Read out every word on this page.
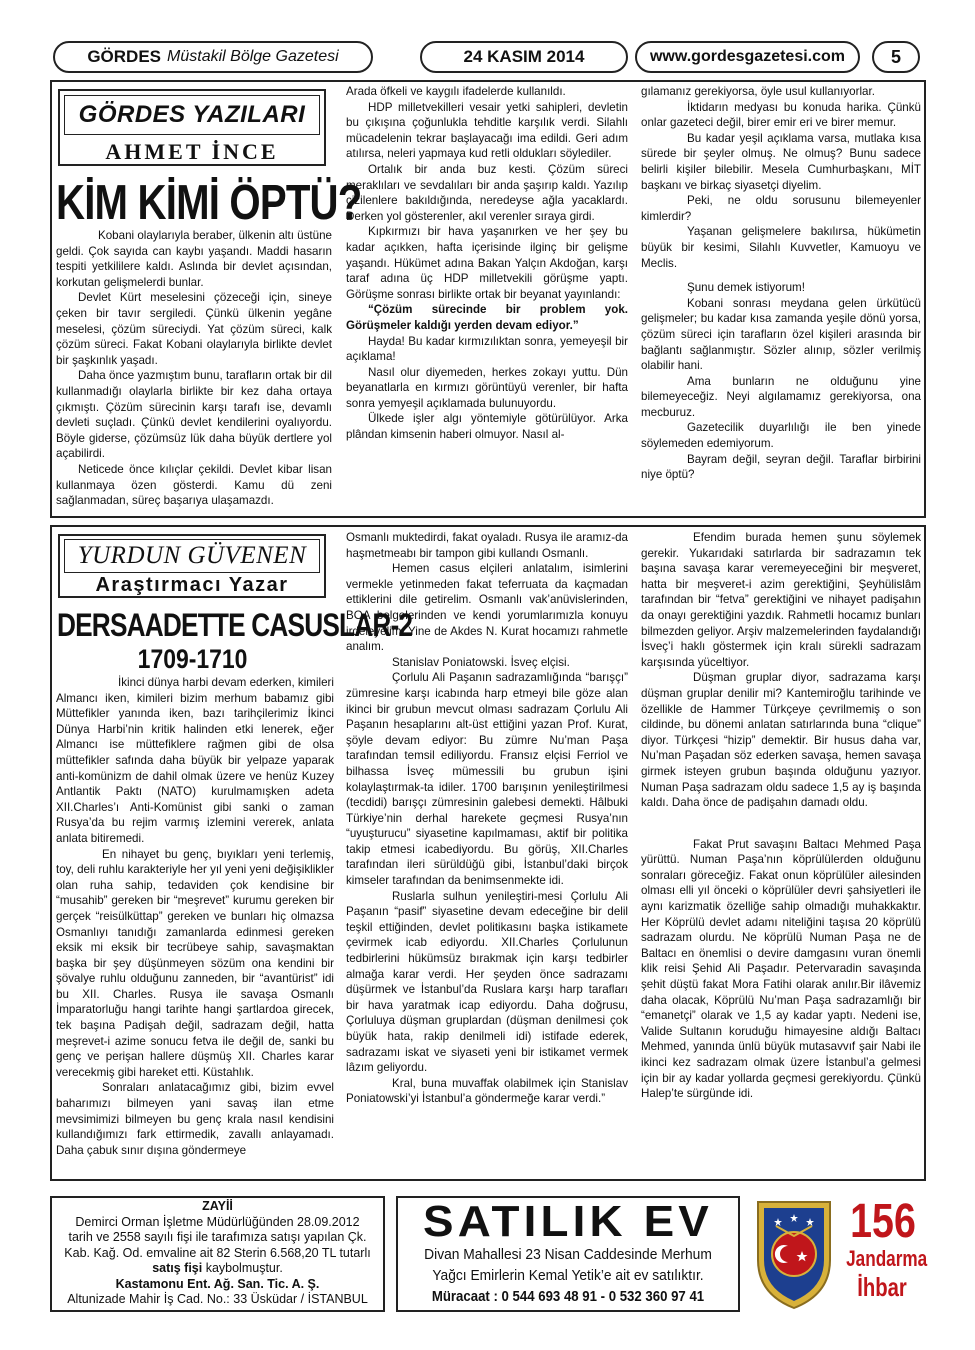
GÖRDES Müstakil Bölge Gazetesi	24 KASIM 2014	www.gordesgazetesi.com	5
GÖRDES YAZILARI
AHMET İNCE
KİM KİMİ ÖPTÜ?

Kobani olaylarıyla beraber, ülkenin altı üstüne geldi. Çok sayıda can kaybı yaşandı. Maddi hasarın tespiti yetkililere kaldı. Aslında bir devlet açısından, korkutan gelişmelerdi bunlar.

Devlet Kürt meselesini çözeceği için, sineye çeken bir tavır sergiledi. Çünkü ülkenin yegâne meselesi, çözüm süreciydi. Yat çözüm süreci, kalk çözüm süreci. Fakat Kobani olaylarıyla birlikte devlet bir şaşkınlık yaşadı.

Daha önce yazmıştım bunu, tarafların ortak bir dil kullanmadığı olaylarla birlikte bir kez daha ortaya çıkmıştı. Çözüm sürecinin karşı tarafı ise, devamlı devleti suçladı. Çünkü devlet kendilerini oyalıyordu. Böyle giderse, çözümsüz lük daha büyük dertlere yol açabilirdi.

Neticede önce kılıçlar çekildi. Devlet kibar lisan kullanmaya özen gösterdi. Kamu dü zeni sağlanmadan, süreç başarıya ulaşamazdı.

Arada öfkeli ve kaygılı ifadelerde kullanıldı.

HDP milletvekilleri vesair yetki sahipleri, devletin bu çıkışına çoğunlukla tehditle karşılık verdi. Silahlı mücadelenin tekrar başlayacağı ima edildi. Geri adım atılırsa, neleri yapmaya kud retli oldukları söylediler.

Ortalık bir anda buz kesti. Çözüm süreci meraklıları ve sevdalıları bir anda şaşırıp kaldı. Yazılıp çizilenlere bakıldığında, neredeyse ağla yacaklardı. Derken yol gösterenler, akıl verenler sıraya girdi.

Kıpkırmızı bir hava yaşanırken ve her şey bu kadar açıkken, hafta içerisinde ilginç bir gelişme yaşandı. Hükümet adına Bakan Yalçın Akdoğan, karşı taraf adına üç HDP milletvekili görüşme yaptı. Görüşme sonrası birlikte ortak bir beyanat yayınlandı:

“Çözüm sürecinde bir problem yok. Görüşmeler kaldığı yerden devam ediyor.”

Hayda! Bu kadar kırmızılıktan sonra, yemeyeşil bir açıklama!

Nasıl olur diyemeden, herkes zokayı yuttu. Dün beyanatlarla en kırmızı görüntüyü verenler, bir hafta sonra yemyeşil açıklamada bulunuyordu.

Ülkede işler algı yöntemiyle götürülüyor. Arka plândan kimsenin haberi olmuyor. Nasıl al-

gılamanız gerekiyorsa, öyle usul kullanıyorlar.

İktidarın medyası bu konuda harika. Çünkü onlar gazeteci değil, birer emir eri ve birer memur.

Bu kadar yeşil açıklama varsa, mutlaka kısa sürede bir şeyler olmuş. Ne olmuş? Bunu sadece belirli kişiler bilebilir. Mesela Cumhurbaşkanı, MİT başkanı ve birkaç siyasetçi diyelim.

Peki, ne oldu sorusunu bilemeyenler kimlerdir?

Yaşanan gelişmelere bakılırsa, hükümetin büyük bir kesimi, Silahlı Kuvvetler, Kamuoyu ve Meclis.

Şunu demek istiyorum!

Kobani sonrası meydana gelen ürkütücü gelişmeler; bu kadar kısa zamanda yeşile dönü yorsa, çözüm süreci için tarafların özel kişileri arasında bir bağlantı sağlanmıştır. Sözler alınıp, sözler verilmiş olabilir hani.

Ama bunların ne olduğunu yine bilemeyeceğiz. Neyi algılamamız gerekiyorsa, ona mecburuz.

Gazetecilik duyarlılığı ile ben yinede söylemeden edemiyorum.

Bayram değil, seyran değil. Taraflar birbirini niye öptü?

YURDUN GÜVENEN
Araştırmacı Yazar
DERSAADETTE CASUSLAR-2
1709-1710

İkinci dünya harbi devam ederken, kimileri Almancı iken, kimileri bizim merhum babamız gibi Müttefikler yanında iken, bazı tarihçilerimiz İkinci Dünya Harbi’nin kritik halinden etki lenerek, eğer Almancı ise müttefiklere rağmen gibi de olsa müttefikler safında daha büyük bir yelpaze yaparak anti-komünizm de dahil olmak üzere ve henüz Kuzey Antlantik Paktı (NATO) kurulmamışken adeta XII.Charles’ı Anti-Komünist gibi sanki o zaman Rusya’da bu rejim varmış izlemini vererek, anlata anlata bitiremedi.

En nihayet bu genç, bıyıkları yeni terlemiş, toy, deli ruhlu karakteriyle her yıl yeni yeni değişiklikler olan ruha sahip, tedaviden çok kendisine bir “musahib” gereken bir “meşrevet” kurumu gereken bir gerçek “reisülküttap” gereken ve bunları hiç olmazsa Osmanlıyı tanıdığı zamanlarda edinmesi gereken eksik mi eksik bir tecrübeye sahip, savaşmaktan başka bir şey düşünmeyen sözüm ona kendini bir şövalye ruhlu olduğunu zanneden, bir “avantürist” idi bu XII. Charles. Rusya ile savaşa Osmanlı İmparatorluğu hangi tarihte hangi şartlardoa girecek, tek başına Padişah değil, sadrazam değil, hatta meşrevet-i azime sonucu fetva ile değil de, sanki bu genç ve perişan hallere düşmüş XII. Charles karar verecekmiş gibi hareket etti. Küstahlık.

Sonraları anlatacağımız gibi, bizim evvel baharımızı bilmeyen yani savaş ilan etme mevsimimizi bilmeyen bu genç krala nasıl kendisini kullandığımızı fark ettirmedik, zavallı anlayamadı. Daha çabuk sınır dışına göndermeye

Osmanlı muktedirdi, fakat oyaladı. Rusya ile aramız-da haşmetmeabı bir tampon gibi kullandı Osmanlı.

Hemen casus elçileri anlatalım, isimlerini vermekle yetinmeden fakat teferruata da kaçmadan ettiklerini dile getirelim. Osmanlı vak’anüvislerinden, BOA belgelerinden ve kendi yorumlarımızla konuyu irdeleyelim. Yine de Akdes N. Kurat hocamızı rahmetle analım.

Stanislav Poniatowski. İsveç elçisi.

Çorlulu Ali Paşanın sadrazamlığında “barışçı” zümresine karşı icabında harp etmeyi bile göze alan ikinci bir grubun mevcut olması sadrazam Çorlulu Ali Paşanın hesaplarını alt-üst ettiğini yazan Prof. Kurat, şöyle devam ediyor: Bu zümre Nu’man Paşa tarafından temsil ediliyordu. Fransız elçisi Ferriol ve bilhassa İsveç mümessili bu grubun işini kolaylaştırmak-ta idiler. 1700 barışının yenileştirilmesi (tecdidi) barışçı zümresinin galebesi demekti. Hâlbuki Türkiye’nin derhal harekete geçmesi Rusya’nın “uyuşturucu” siyasetine kapılmaması, aktif bir politika takip etmesi icabediyordu. Bu görüş, XII.Charles tarafından ileri sürüldüğü gibi, İstanbul’daki birçok kimseler tarafından da benimsenmekte idi.

Ruslarla sulhun yenileştiri-mesi Çorlulu Ali Paşanın “pasif” siyasetine devam edeceğine bir delil teşkil ettiğinden, devlet politikasını başka istikamete çevirmek icab ediyordu. XII.Charles Çorlulunun tedbirlerini hükümsüz bırakmak için karşı tedbirler almağa karar verdi. Her şeyden önce sadrazamı düşürmek ve İstanbul’da Ruslara karşı harp tarafları bir hava yaratmak icap ediyordu. Daha doğrusu, Çorluluya düşman gruplardan (düşman denilmesi çok büyük hata, rakip denilmeli idi) istifade ederek, sadrazamı iskat ve siyaseti yeni bir istikamet vermek lâzım geliyordu.

Kral, buna muvaffak olabilmek için Stanislav Poniatowski’yi İstanbul’a göndermeğe karar verdi.”

Efendim burada hemen şunu söylemek gerekir. Yukarıdaki satırlarda bir sadrazamın tek başına savaşa karar veremeyeceğini bir meşveret, hatta bir meşveret-i azim gerektiğini, Şeyhülislâm tarafından bir “fetva” gerektiğini ve nihayet padişahın da onayı gerektiğini yazdık. Rahmetli hocamız bunları bilmezden geliyor. Arşiv malzemelerinden faydalandığı İsveç’i haklı göstermek için kralı sürekli sadrazam karşısında yüceltiyor.

Düşman gruplar diyor, sadrazama karşı düşman gruplar denilir mi? Kantemiroğlu tarihinde ve özellikle de Hammer Türkçeye çevrilmemiş o son cildinde, bu dönemi anlatan satırlarında buna “clique” diyor. Türkçesi “hizip” demektir. Bir husus daha var, Nu’man Paşadan söz ederken savaşa, hemen savaşa girmek isteyen grubun başında olduğunu yazıyor. Numan Paşa sadrazam oldu sadece 1,5 ay iş başında kaldı. Daha önce de padişahın damadı oldu.

Fakat Prut savaşını Baltacı Mehmed Paşa yürüttü. Numan Paşa’nın köprülülerden olduğunu sonraları göreceğiz. Fakat onun köprülüler ailesinden olması elli yıl önceki o köprülüler devri şahsiyetleri ile aynı karizmatik özelliğe sahip olmadığı muhakkaktır. Her Köprülü devlet adamı niteliğini taşısa 20 köprülü sadrazam olurdu. Ne köprülü Numan Paşa ne de Baltacı en önemlisi o devire damgasını vuran önemli klik reisi Şehid Ali Paşadır. Petervaradin savaşında şehit düştü fakat Mora Fatihi olarak anılır.Bir ilâvemiz daha olacak, Köprülü Nu’man Paşa sadrazamlığı bir “emanetçi” olarak ve 1,5 ay kadar yaptı. Nedeni ise, Valide Sultanın koruduğu himayesine aldığı Baltacı Mehmed, yanında ünlü büyük mutasavvıf şair Nabi ile ikinci kez sadrazam olmak üzere İstanbul’a gelmesi için bir ay kadar yollarda geçmesi gerekiyordu. Çünkü Halep’te sürgünde idi.

ZAYİİ
Demirci Orman İşletme Müdürlüğünden 28.09.2012
tarih ve 2558 sayılı fişi ile tarafımıza satışı yapılan Çk.
Kab. Kağ. Od. emvaline ait 82 Sterin 6.568,20 TL tutarlı
satış fişi kaybolmuştur.
Kastamonu Ent. Ağ. San. Tic. A. Ş.
Altunizade Mahir İş Cad. No.: 33 Üsküdar / İSTANBUL
SATILIK EV
Divan Mahallesi 23 Nisan Caddesinde Merhum
Yağcı Emirlerin Kemal Yetik’e ait ev satılıktır.
Müracaat : 0 544 693 48 91 - 0 532 360 97 41
156
Jandarma
İhbar
